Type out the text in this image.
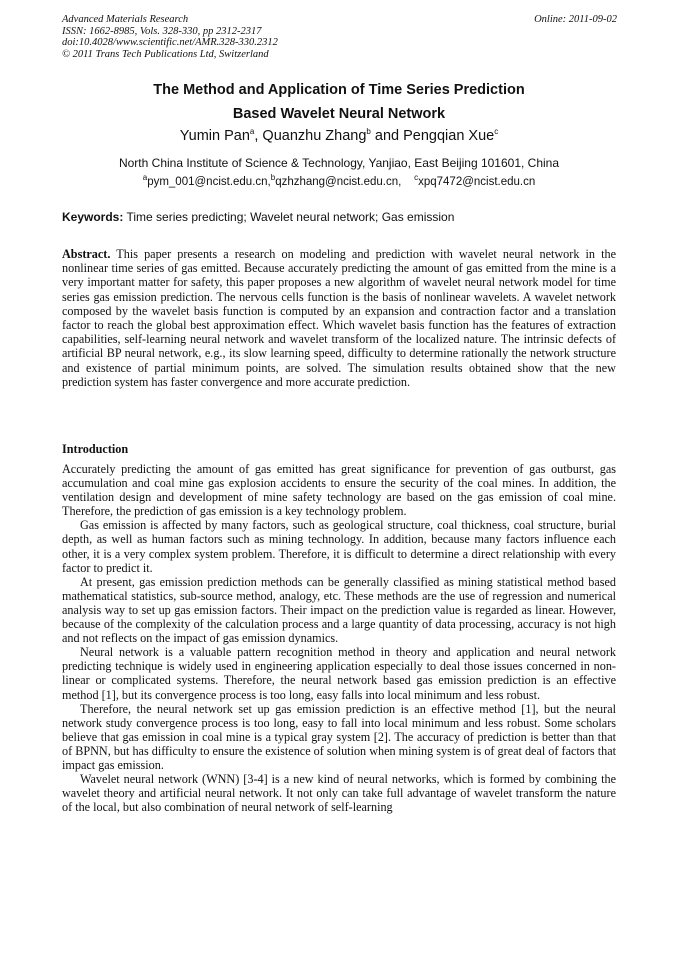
Advanced Materials Research
ISSN: 1662-8985, Vols. 328-330, pp 2312-2317
doi:10.4028/www.scientific.net/AMR.328-330.2312
© 2011 Trans Tech Publications Ltd, Switzerland
Online: 2011-09-02
The Method and Application of Time Series Prediction
Based Wavelet Neural Network
Yumin Pan$^a$, Quanzhu Zhang$^b$ and Pengqian Xue$^c$
North China Institute of Science & Technology, Yanjiao, East Beijing 101601, China
$^a$pym_001@ncist.edu.cn,$^b$qzhzhang@ncist.edu.cn, $^c$xpq7472@ncist.edu.cn
Keywords: Time series predicting; Wavelet neural network; Gas emission
Abstract. This paper presents a research on modeling and prediction with wavelet neural network in the nonlinear time series of gas emitted. Because accurately predicting the amount of gas emitted from the mine is a very important matter for safety, this paper proposes a new algorithm of wavelet neural network model for time series gas emission prediction. The nervous cells function is the basis of nonlinear wavelets. A wavelet network composed by the wavelet basis function is computed by an expansion and contraction factor and a translation factor to reach the global best approximation effect. Which wavelet basis function has the features of extraction capabilities, self-learning neural network and wavelet transform of the localized nature. The intrinsic defects of artificial BP neural network, e.g., its slow learning speed, difficulty to determine rationally the network structure and existence of partial minimum points, are solved. The simulation results obtained show that the new prediction system has faster convergence and more accurate prediction.
Introduction

Accurately predicting the amount of gas emitted has great significance for prevention of gas outburst, gas accumulation and coal mine gas explosion accidents to ensure the security of the coal mines. In addition, the ventilation design and development of mine safety technology are based on the gas emission of coal mine. Therefore, the prediction of gas emission is a key technology problem.

Gas emission is affected by many factors, such as geological structure, coal thickness, coal structure, burial depth, as well as human factors such as mining technology. In addition, because many factors influence each other, it is a very complex system problem. Therefore, it is difficult to determine a direct relationship with every factor to predict it.

At present, gas emission prediction methods can be generally classified as mining statistical method based mathematical statistics, sub-source method, analogy, etc. These methods are the use of regression and numerical analysis way to set up gas emission factors. Their impact on the prediction value is regarded as linear. However, because of the complexity of the calculation process and a large quantity of data processing, accuracy is not high and not reflects on the impact of gas emission dynamics.

Neural network is a valuable pattern recognition method in theory and application and neural network predicting technique is widely used in engineering application especially to deal those issues concerned in non-linear or complicated systems. Therefore, the neural network based gas emission prediction is an effective method [1], but its convergence process is too long, easy falls into local minimum and less robust.

Therefore, the neural network set up gas emission prediction is an effective method [1], but the neural network study convergence process is too long, easy to fall into local minimum and less robust. Some scholars believe that gas emission in coal mine is a typical gray system [2]. The accuracy of prediction is better than that of BPNN, but has difficulty to ensure the existence of solution when mining system is of great deal of factors that impact gas emission.

Wavelet neural network (WNN) [3-4] is a new kind of neural networks, which is formed by combining the wavelet theory and artificial neural network. It not only can take full advantage of wavelet transform the nature of the local, but also combination of neural network of self-learning
